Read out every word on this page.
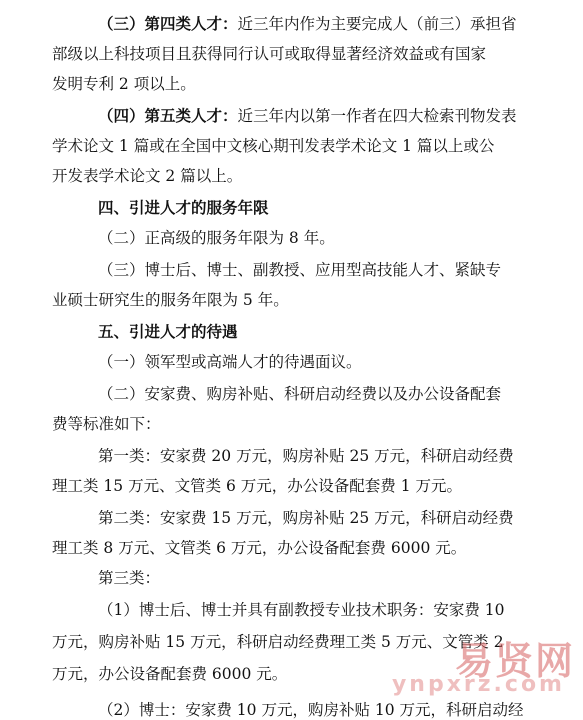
（三）第四类人才：近三年内作为主要完成人（前三）承担省
部级以上科技项目且获得同行认可或取得显著经济效益或有国家
发明专利 2 项以上。
（四）第五类人才：近三年内以第一作者在四大检索刊物发表
学术论文 1 篇或在全国中文核心期刊发表学术论文 1 篇以上或公
开发表学术论文 2 篇以上。
四、引进人才的服务年限
（二）正高级的服务年限为 8 年。
（三）博士后、博士、副教授、应用型高技能人才、紧缺专
业硕士研究生的服务年限为 5 年。
五、引进人才的待遇
（一）领军型或高端人才的待遇面议。
（二）安家费、购房补贴、科研启动经费以及办公设备配套
费等标准如下：
第一类：安家费 20 万元，购房补贴 25 万元，科研启动经费
理工类 15 万元、文管类 6 万元，办公设备配套费 1 万元。
第二类：安家费 15 万元，购房补贴 25 万元，科研启动经费
理工类 8 万元、文管类 6 万元，办公设备配套费 6000 元。
第三类：
（1）博士后、博士并具有副教授专业技术职务：安家费 10
万元，购房补贴 15 万元，科研启动经费理工类 5 万元、文管类 2
万元，办公设备配套费 6000 元。
（2）博士：安家费 10 万元，购房补贴 10 万元，科研启动经
易贤网
ynpxrz.com
